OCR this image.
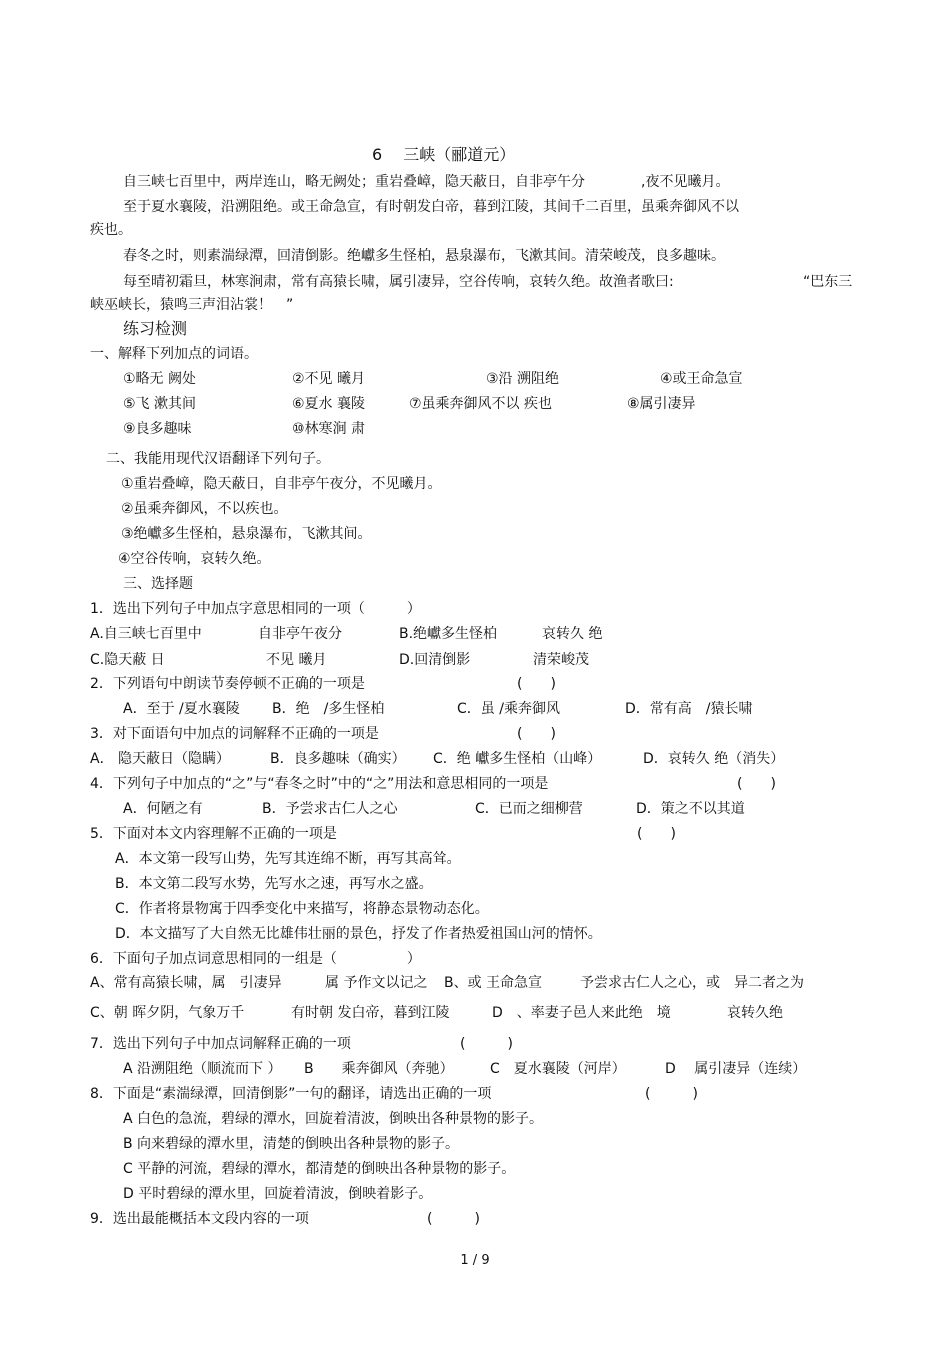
6　 三峡（郦道元）
自三峡七百里中，两岸连山，略无阙处；重岩叠嶂，隐天蔽日，自非亭午分　　　　,夜不见曦月。
至于夏水襄陵，沿溯阻绝。或王命急宣，有时朝发白帝，暮到江陵，其间千二百里，虽乘奔御风不以
疾也。
春冬之时，则素湍绿潭，回清倒影。绝巘多生怪柏，悬泉瀑布，飞漱其间。清荣峻茂，良多趣味。
每至晴初霜旦，林寒涧肃，常有高猿长啸，属引凄异，空谷传响，哀转久绝。故渔者歌曰:	“巴东三
峡巫峡长，猿鸣三声泪沾裳！　”
练习检测
一、解释下列加点的词语。
①略无 阙处	②不见 曦月	③沿 溯阻绝	④或王命急宣
⑤飞 漱其间	⑥夏水 襄陵	⑦虽乘奔御风不以 疾也	⑧属引凄异
⑨良多趣味	⑩林寒涧 肃
二、我能用现代汉语翻译下列句子。
①重岩叠嶂，隐天蔽日，自非亭午夜分，不见曦月。
②虽乘奔御风，不以疾也。
③绝巘多生怪柏，悬泉瀑布，飞漱其间。
④空谷传响，哀转久绝。
三、选择题
1．选出下列句子中加点字意思相同的一项（　　　）
A.自三峡七百里中	自非亭午夜分	B.绝巘多生怪柏	哀转久 绝
C.隐天蔽 日	不见 曦月	D.回清倒影	清荣峻茂
2．下列语句中朗读节奏停顿不正确的一项是	(　　)
A．至于 /夏水襄陵 B．绝　/多生怪柏	C．虽 /乘奔御风	D．常有高　/猿长啸
3．对下面语句中加点的词解释不正确的一项是	(　　)
A． 隐天蔽日（隐瞒）	B．良多趣味（确实） C．绝 巘多生怪柏（山峰）	D．哀转久 绝（消失）
4．下列句子中加点的“之”与“春冬之时”中的“之”用法和意思相同的一项是	(　　)
A．何陋之有	B．予尝求古仁人之心	C．已而之细柳营	D．策之不以其道
5．下面对本文内容理解不正确的一项是	(　　)
A．本文第一段写山势，先写其连绵不断，再写其高耸。
B．本文第二段写水势，先写水之速，再写水之盛。
C．作者将景物寓于四季变化中来描写，将静态景物动态化。
D．本文描写了大自然无比雄伟壮丽的景色，抒发了作者热爱祖国山河的情怀。
6．下面句子加点词意思相同的一组是（　　　　　）
A、常有高猿长啸，属　引凄异	属 予作文以记之 B、或 王命急宣	予尝求古仁人之心，或　异二者之为
C、朝 晖夕阴，气象万千	有时朝 发白帝，暮到江陵	D　、率妻子邑人来此绝　境	哀转久绝
7．选出下列句子中加点词解释正确的一项	(　　　)
A 沿溯阻绝（顺流而下 ） B　　乘奔御风（奔驰）	C　夏水襄陵（河岸）	D　 属引凄异（连续）
8．下面是“素湍绿潭，回清倒影”一句的翻译，请选出正确的一项	(　　　)
A 白色的急流，碧绿的潭水，回旋着清波，倒映出各种景物的影子。
B 向来碧绿的潭水里，清楚的倒映出各种景物的影子。
C 平静的河流，碧绿的潭水，都清楚的倒映出各种景物的影子。
D 平时碧绿的潭水里，回旋着清波，倒映着影子。
9．选出最能概括本文段内容的一项	(　　　)
1 / 9
